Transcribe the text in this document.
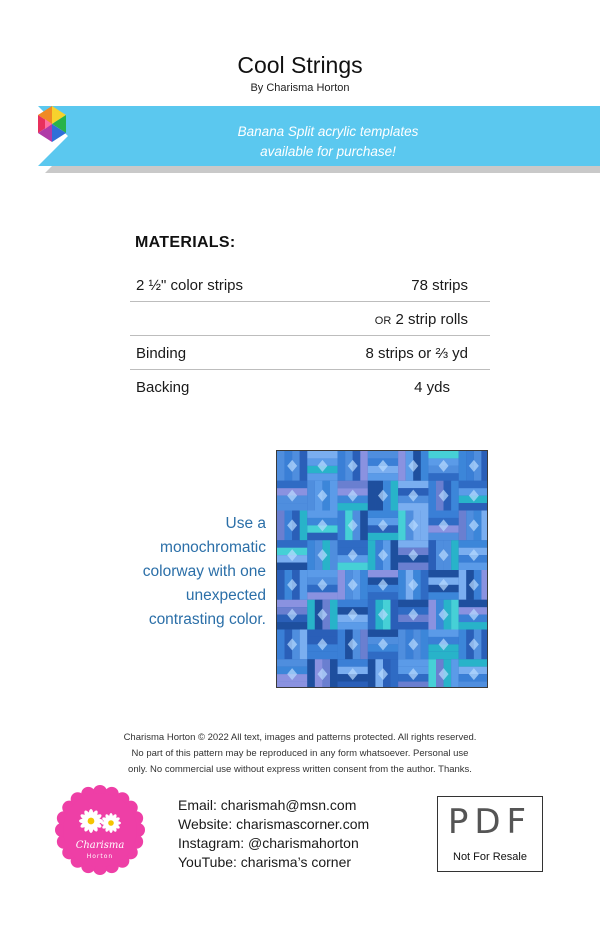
Cool Strings
By Charisma Horton
Banana Split acrylic templates
available for purchase!
MATERIALS:
2 ½" color strips	78 strips
OR 2 strip rolls
Binding	8 strips or ⅔ yd
Backing	4 yds
Use a
monochromatic
colorway with one
unexpected
contrasting color.
Charisma Horton © 2022 All text, images and patterns protected. All rights reserved.
No part of this pattern may be reproduced in any form whatsoever. Personal use
only. No commercial use without express written consent from the author. Thanks.
Charisma
Horton
Email: charismah@msn.com
Website: charismascorner.com
Instagram: @charismahorton
YouTube: charisma’s corner
PDF
Not For Resale
